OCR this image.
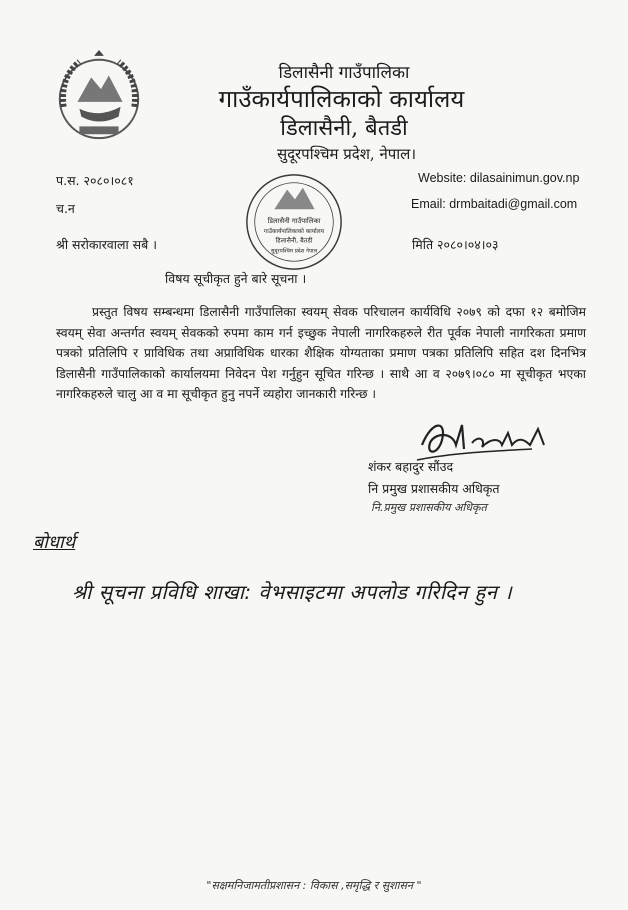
डिलासैनी गाउँपालिका
गाउँकार्यपालिकाको कार्यालय
डिलासैनी, बैतडी
सुदूरपश्चिम प्रदेश, नेपाल।
प.स. २०८०।०८१
च.न
Website: dilasainimun.gov.np
Email: drmbaitadi@gmail.com
श्री सरोकारवाला सबै ।	मिति २०८०।०४।०३
डिलासैनी गाउँपालिका
गाउँकार्यपालिकाको कार्यालय
डिलासैनी, बैतडी
सुदूरपश्चिम प्रदेश नेपाल
विषय सूचीकृत हुने बारे सूचना ।
प्रस्तुत विषय सम्बन्धमा डिलासैनी गाउँपालिका स्वयम् सेवक परिचालन कार्यविधि २०७९ को दफा १२ बमोजिम स्वयम् सेवा अन्तर्गत स्वयम् सेवकको रुपमा काम गर्न इच्छुक नेपाली नागरिकहरुले रीत पूर्वक नेपाली नागरिकता प्रमाण पत्रको प्रतिलिपि र प्राविधिक तथा अप्राविधिक धारका शैक्षिक योग्यताका प्रमाण पत्रका प्रतिलिपि सहित दश दिनभित्र डिलासैनी गाउँपालिकाको कार्यालयमा निवेदन पेश गर्नुहुन सूचित गरिन्छ । साथै आ व २०७९।०८० मा सूचीकृत भएका नागरिकहरुले चालु आ व मा सूचीकृत हुनु नपर्ने व्यहोरा जानकारी गरिन्छ ।
शंकर बहादुर सौंउद
नि प्रमुख प्रशासकीय अधिकृत
नि.प्रमुख प्रशासकीय अधिकृत
बोधार्थ
श्री सूचना प्रविधि शाखा: वेभसाइटमा अपलोड गरिदिन हुन ।
"सक्षमनिजामतीप्रशासन : विकास ,समृद्धि र सुशासन "
